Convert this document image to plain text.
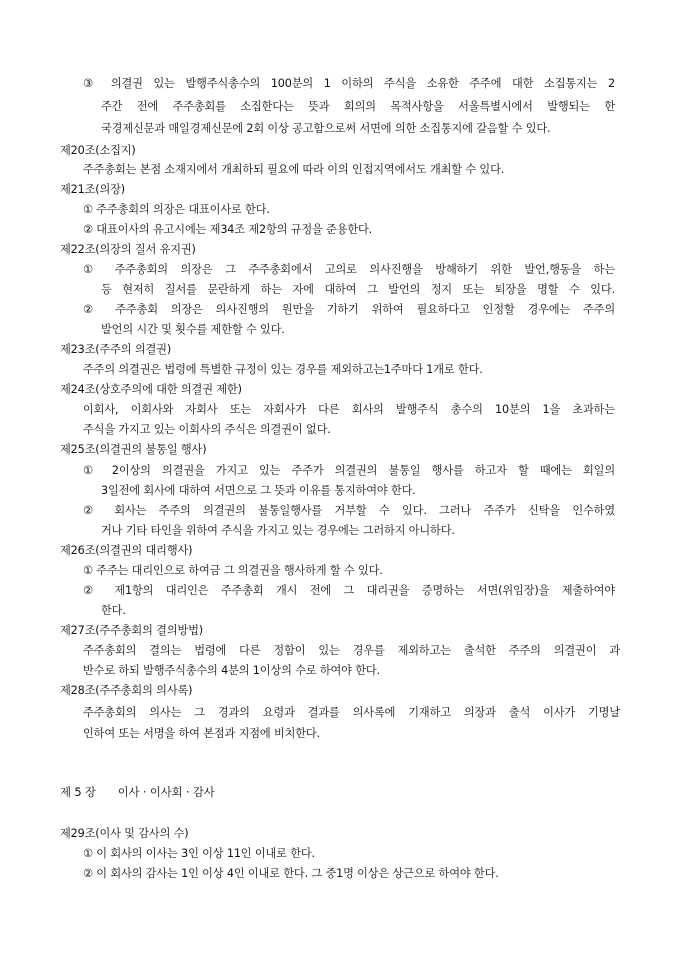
③ 의결권 있는 발행주식총수의 100분의 1 이하의 주식을 소유한 주주에 대한 소집통지는 2
주간 전에 주주총회를 소집한다는 뜻과 회의의 목적사항을 서울특별시에서 발행되는 한
국경제신문과 매일경제신문에 2회 이상 공고함으로써 서면에 의한 소집통지에 갈음할 수 있다.
제20조(소집지)
주주총회는 본점 소재지에서 개최하되 필요에 따라 이의 인접지역에서도 개최할 수 있다.
제21조(의장)
① 주주총회의 의장은 대표이사로 한다.
② 대표이사의 유고시에는 제34조 제2항의 규정을 준용한다.
제22조(의장의 질서 유지권)
① 주주총회의 의장은 그 주주총회에서 고의로 의사진행을 방해하기 위한 발언,행동을 하는
등 현저히 질서를 문란하게 하는 자에 대하여 그 발언의 정지 또는 퇴장을 명할 수 있다.
② 주주총회 의장은 의사진행의 원만을 기하기 위하여 필요하다고 인정할 경우에는 주주의
발언의 시간 및 횟수를 제한할 수 있다.
제23조(주주의 의결권)
주주의 의결권은 법령에 특별한 규정이 있는 경우를 제외하고는1주마다 1개로 한다.
제24조(상호주의에 대한 의결권 제한)
이회사, 이회사와 자회사 또는 자회사가 다른 회사의 발행주식 총수의 10분의 1을 초과하는
주식을 가지고 있는 이회사의 주식은 의결권이 없다.
제25조(의결권의 불통일 행사)
① 2이상의 의결권을 가지고 있는 주주가 의결권의 불통일 행사를 하고자 할 때에는 회일의
3일전에 회사에 대하여 서면으로 그 뜻과 이유를 통지하여야 한다.
② 회사는 주주의 의결권의 불통일행사를 거부할 수 있다. 그러나 주주가 신탁을 인수하였
거나 기타 타인을 위하여 주식을 가지고 있는 경우에는 그러하지 아니하다.
제26조(의결권의 대리행사)
① 주주는 대리인으로 하여금 그 의결권을 행사하게 할 수 있다.
② 제1항의 대리인은 주주총회 개시 전에 그 대리권을 증명하는 서면(위임장)을 제출하여야
한다.
제27조(주주총회의 결의방법)
주주총회의 결의는 법령에 다른 정함이 있는 경우를 제외하고는 출석한 주주의 의결권이 과
반수로 하되 발행주식총수의 4분의 1이상의 수로 하여야 한다.
제28조(주주총회의 의사록)
주주총회의 의사는 그 경과의 요령과 결과를 의사록에 기재하고 의장과 출석 이사가 기명날
인하여 또는 서명을 하여 본점과 지점에 비치한다.
제 5 장 이사 · 이사회 · 감사
제29조(이사 및 감사의 수)
① 이 회사의 이사는 3인 이상 11인 이내로 한다.
② 이 회사의 감사는 1인 이상 4인 이내로 한다. 그 중1명 이상은 상근으로 하여야 한다.
